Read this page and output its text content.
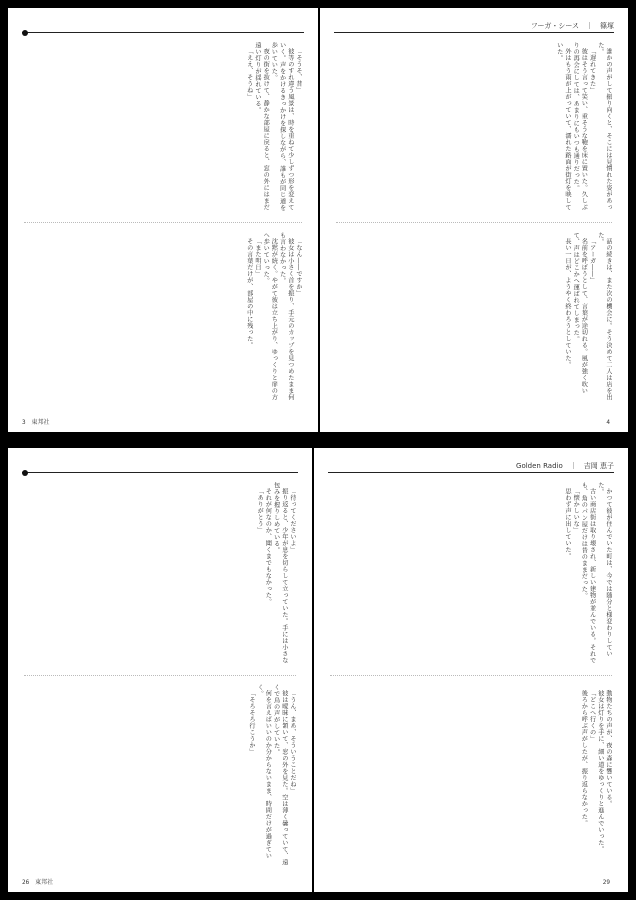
「そうそ、昔」

彼等のすれ違う風景は、時を重ねて少しずつ形を変えていく。声をかけるきっかけを探しながら、誰もが同じ道を歩いていた。

夜の街を抜けて、静かな部屋に戻ると、窓の外にはまだ遠い灯りが揺れている。

「ええ、そうね」

「なん――ですか」

彼女は小さく首を振り、手元のカップを見つめたまま何も言わなかった。

沈黙が続く。やがて彼は立ち上がり、ゆっくりと扉の方へ歩いていった。

「また明日」

その言葉だけが、部屋の中に残った。

3 東邦社
フーガ・シース　｜　篠塚

誰かの声がして振り向くと、そこには見慣れた姿があった。

「遅れてきた」

彼はそう言って笑い、重そうな鞄を床に置いた。久しぶりの再会にしては、あまりにもいつも通りだった。

外はもう雨が上がっていて、濡れた路面が街灯を映していた。

話の続きは、また次の機会に。そう決めて二人は店を出た。

「アーガ――」

名前を呼ぼうとして、言葉が途切れる。風が強く吹いて、声はどこかへ運ばれてしまった。

長い一日が、ようやく終わろうとしていた。

4

「待ってくださいよ」

振り返ると、少年が息を切らして立っていた。手には小さな包みを握りしめている。

それが何なのか、聞くまでもなかった。

「ありがとう」

「うん、まあ、そういうことだね」

彼は曖昧に頷いて、窓の外を見た。空は薄く曇っていて、遠くで鳥の声がしていた。

何を言えばいいのか分からないまま、時間だけが過ぎていく。

「そろそろ行こうか」

26 東邦社
Golden Radio　｜　吉岡 恵子

かつて彼が住んでいた町は、今では随分と様変わりしていた。

古い商店街は取り壊され、新しい建物が並んでいる。それでも、角のパン屋だけは昔のままだった。

「懐かしいな」

思わず声に出していた。

動物たちの声が、夜の森に響いている。

彼女は灯りを手に、細い道をゆっくりと進んでいった。

「どこへ行くの」

後ろから呼ぶ声がしたが、振り返らなかった。

29
